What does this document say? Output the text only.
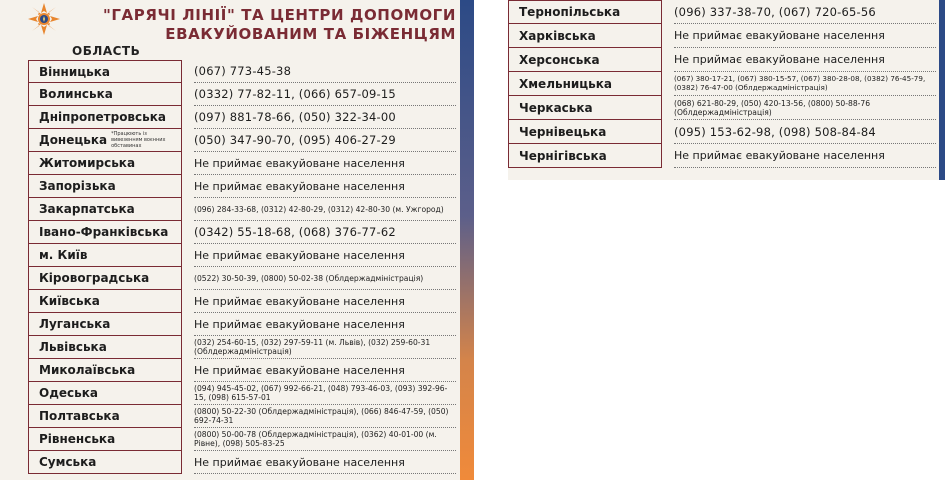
"ГАРЯЧІ ЛІНІЇ" ТА ЦЕНТРИ ДОПОМОГИ
ЕВАКУЙОВАНИМ ТА БІЖЕНЦЯМ
ОБЛАСТЬ
Вінницька	(067) 773-45-38
Волинська	(0332) 77-82-11, (066) 657-09-15
Дніпропетровська (097) 881-78-66, (050) 322-34-00
Донецька *Працюють із вивезенням воєнних обставинах	(050) 347-90-70, (095) 406-27-29
Житомирська	Не приймає евакуйоване населення
Запорізька	Не приймає евакуйоване населення
Закарпатська	(096) 284-33-68, (0312) 42-80-29, (0312) 42-80-30 (м. Ужгород)
Івано-Франківська (0342) 55-18-68, (068) 376-77-62
м. Київ	Не приймає евакуйоване населення
Кіровоградська	(0522) 30-50-39, (0800) 50-02-38 (Облдержадміністрація)
Київська	Не приймає евакуйоване населення
Луганська	Не приймає евакуйоване населення
Львівська	(032) 254-60-15, (032) 297-59-11 (м. Львів), (032) 259-60-31 (Облдержадміністрація)
Миколаївська	Не приймає евакуйоване населення
Одеська	(094) 945-45-02, (067) 992-66-21, (048) 793-46-03, (093) 392-96-15, (098) 615-57-01
Полтавська	(0800) 50-22-30 (Облдержадміністрація), (066) 846-47-59, (050) 692-74-31
Рівненська	(0800) 50-00-78 (Облдержадміністрація), (0362) 40-01-00 (м. Рівне), (098) 505-83-25
Сумська	Не приймає евакуйоване населення
Тернопільська	(096) 337-38-70, (067) 720-65-56
Харківська	Не приймає евакуйоване населення
Херсонська	Не приймає евакуйоване населення
Хмельницька	(067) 380-17-21, (067) 380-15-57, (067) 380-28-08, (0382) 76-45-79, (0382) 76-47-00 (Облдержадміністрація)
Черкаська	(068) 621-80-29, (050) 420-13-56, (0800) 50-88-76 (Облдержадміністрація)
Чернівецька	(095) 153-62-98, (098) 508-84-84
Чернігівська	Не приймає евакуйоване населення
